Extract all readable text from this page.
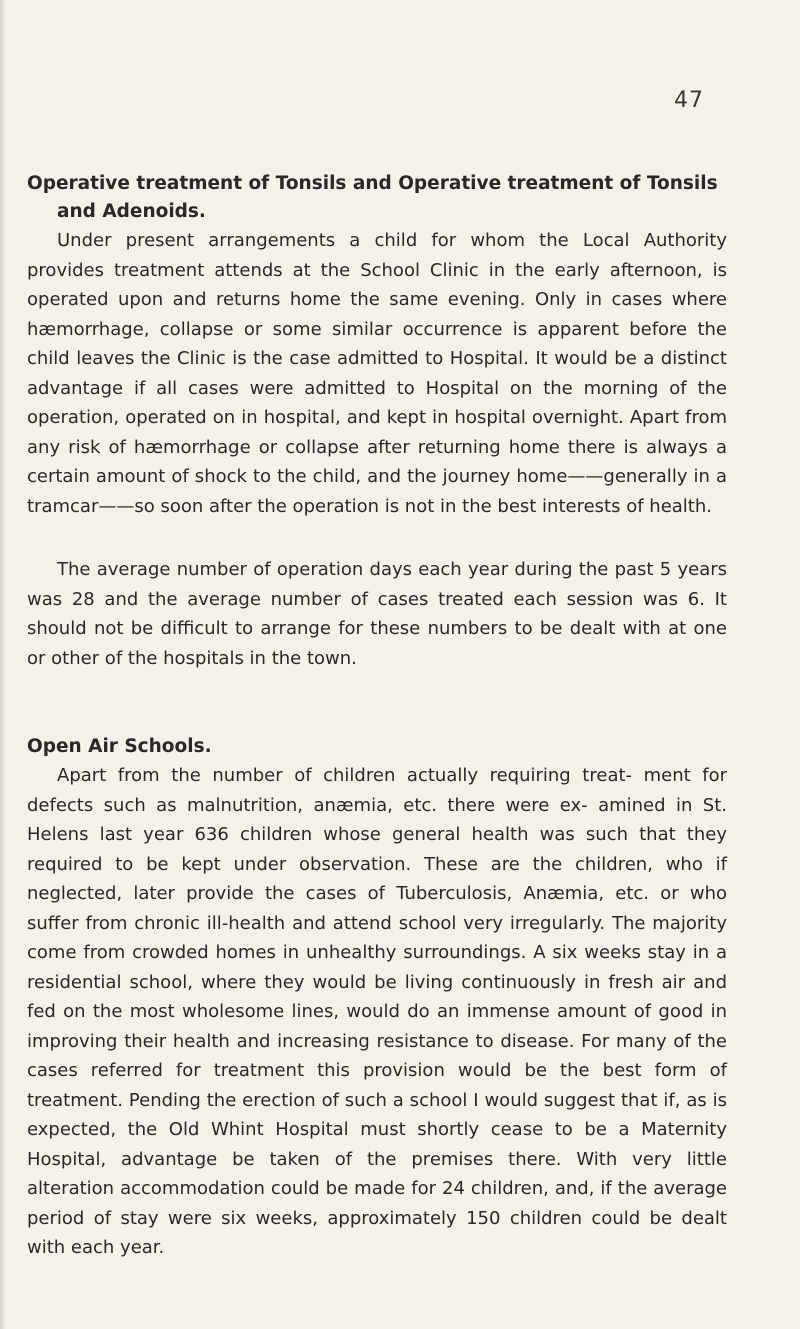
47
Operative treatment of Tonsils and Operative treatment of Tonsils
and Adenoids.

Under present arrangements a child for whom the Local Authority provides treatment attends at the School Clinic in the early afternoon, is operated upon and returns home the same evening. Only in cases where hæmorrhage, collapse or some similar occurrence is apparent before the child leaves the Clinic is the case admitted to Hospital. It would be a distinct advantage if all cases were admitted to Hospital on the morning of the operation, operated on in hospital, and kept in hospital overnight. Apart from any risk of hæmorrhage or collapse after returning home there is always a certain amount of shock to the child, and the journey home——generally in a tramcar——so soon after the operation is not in the best interests of health.

The average number of operation days each year during the past 5 years was 28 and the average number of cases treated each session was 6. It should not be difficult to arrange for these numbers to be dealt with at one or other of the hospitals in the town.

Open Air Schools.

Apart from the number of children actually requiring treat- ment for defects such as malnutrition, anæmia, etc. there were ex- amined in St. Helens last year 636 children whose general health was such that they required to be kept under observation. These are the children, who if neglected, later provide the cases of Tuberculosis, Anæmia, etc. or who suffer from chronic ill-health and attend school very irregularly. The majority come from crowded homes in unhealthy surroundings. A six weeks stay in a residential school, where they would be living continuously in fresh air and fed on the most wholesome lines, would do an immense amount of good in improving their health and increasing resistance to disease. For many of the cases referred for treatment this provision would be the best form of treatment. Pending the erection of such a school I would suggest that if, as is expected, the Old Whint Hospital must shortly cease to be a Maternity Hospital, advantage be taken of the premises there. With very little alteration accommodation could be made for 24 children, and, if the average period of stay were six weeks, approximately 150 children could be dealt with each year.
